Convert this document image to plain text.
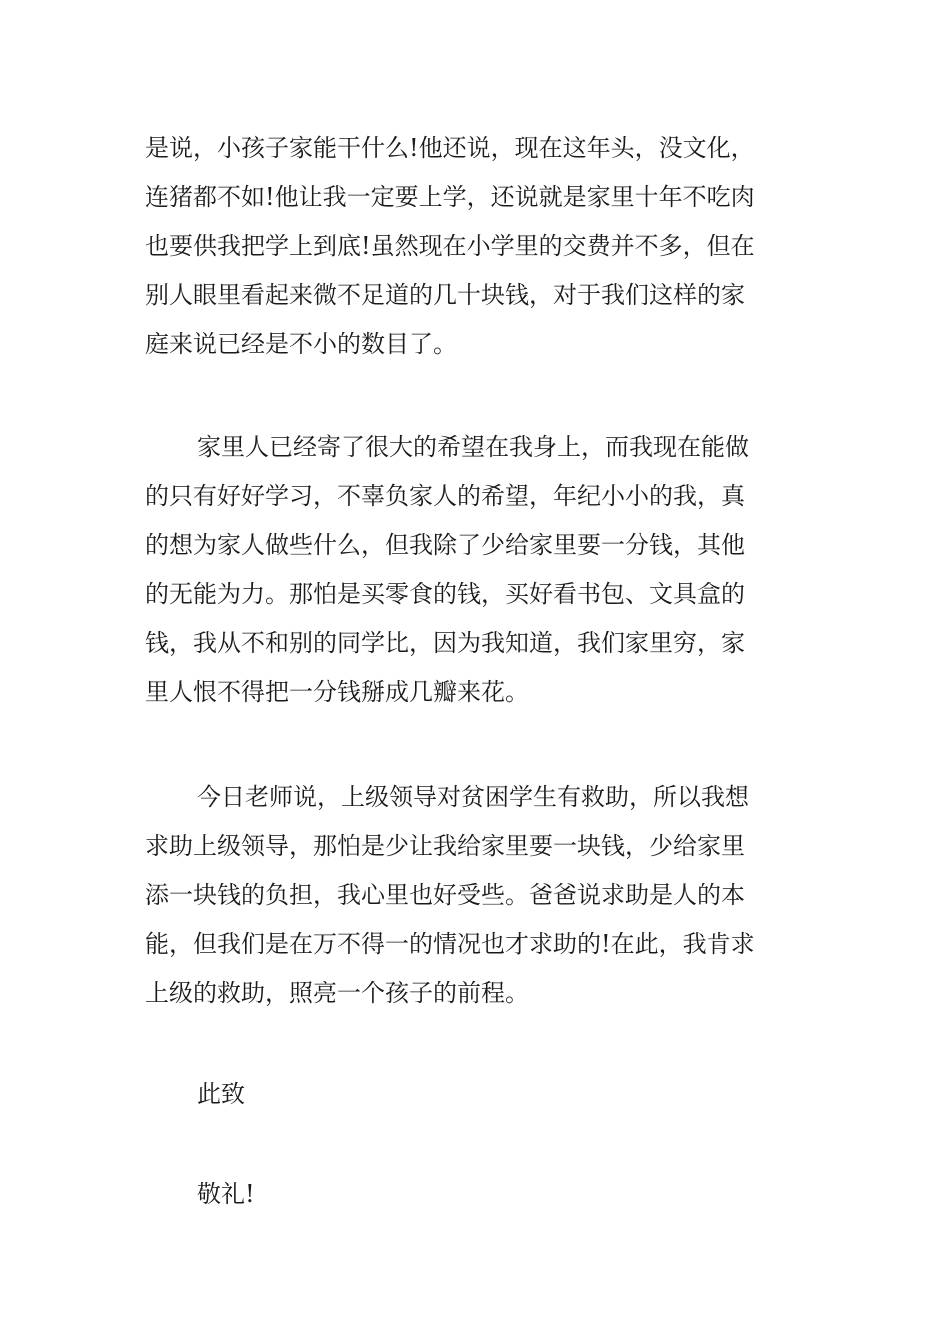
是说，小孩子家能干什么!他还说，现在这年头，没文化，
连猪都不如!他让我一定要上学，还说就是家里十年不吃肉
也要供我把学上到底!虽然现在小学里的交费并不多，但在
别人眼里看起来微不足道的几十块钱，对于我们这样的家
庭来说已经是不小的数目了。
家里人已经寄了很大的希望在我身上，而我现在能做
的只有好好学习，不辜负家人的希望，年纪小小的我，真
的想为家人做些什么，但我除了少给家里要一分钱，其他
的无能为力。那怕是买零食的钱，买好看书包、文具盒的
钱，我从不和别的同学比，因为我知道，我们家里穷，家
里人恨不得把一分钱掰成几瓣来花。
今日老师说，上级领导对贫困学生有救助，所以我想
求助上级领导，那怕是少让我给家里要一块钱，少给家里
添一块钱的负担，我心里也好受些。爸爸说求助是人的本
能，但我们是在万不得一的情况也才求助的!在此，我肯求
上级的救助，照亮一个孩子的前程。
此致
敬礼!
